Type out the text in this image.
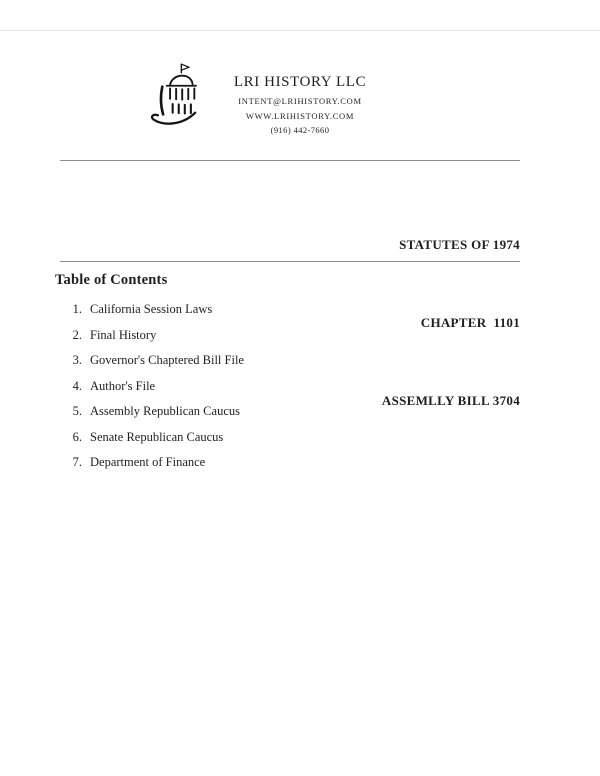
LRI HISTORY LLC
INTENT@LRIHISTORY.COM
WWW.LRIHISTORY.COM
(916) 442-7660

STATUTES OF 1974

CHAPTER  1101

ASSEMLLY BILL 3704

Table of Contents
1. California Session Laws
2. Final History
3. Governor's Chaptered Bill File
4. Author's File
5. Assembly Republican Caucus
6. Senate Republican Caucus
7. Department of Finance
